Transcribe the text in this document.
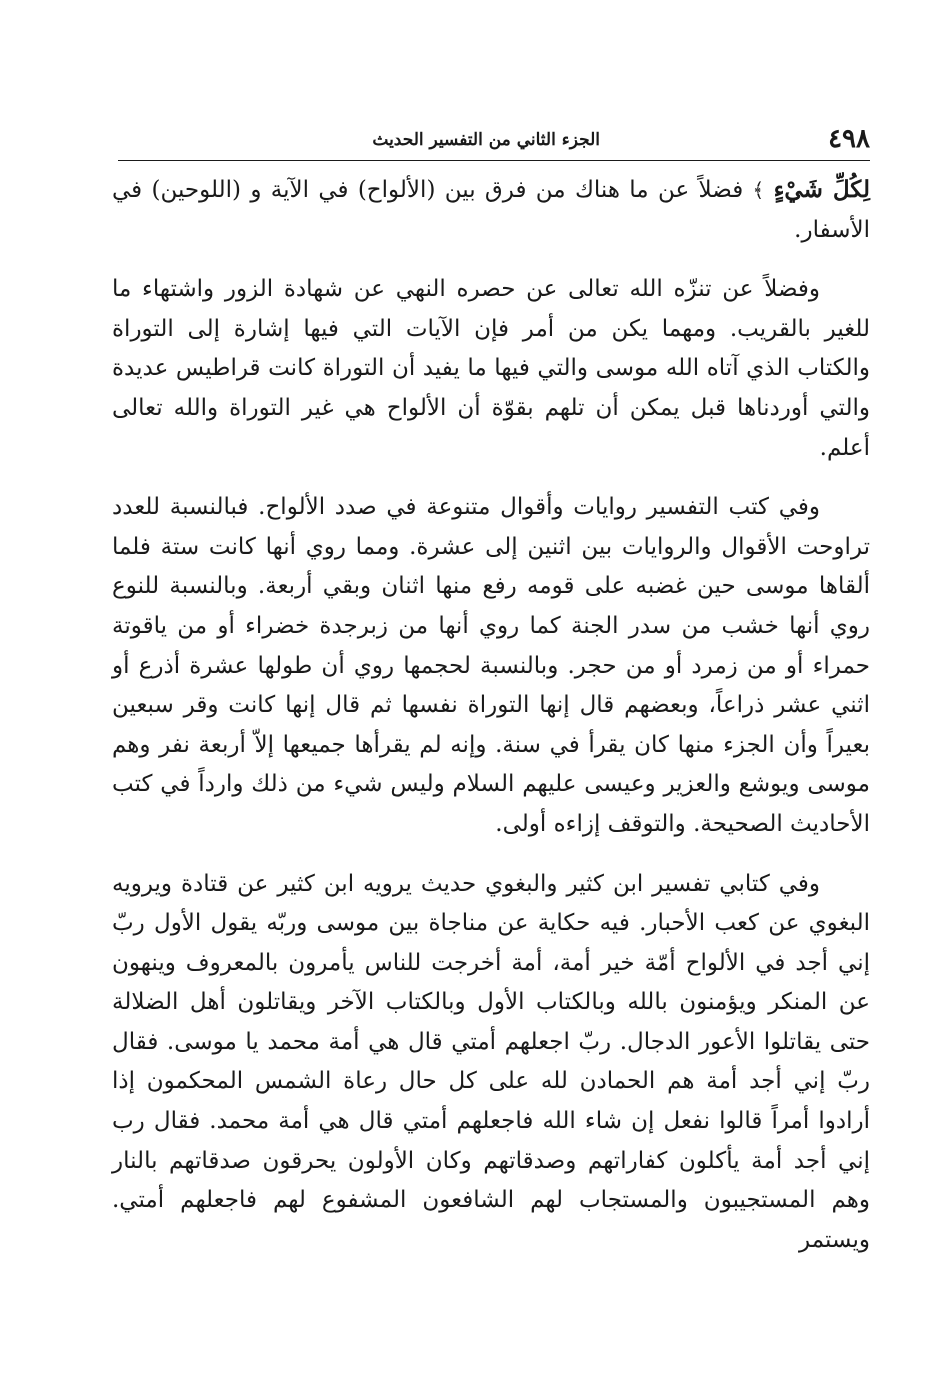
٤٩٨
الجزء الثاني من التفسير الحديث

لِكُلِّ شَيْءٍ ﴾ فضلاً عن ما هناك من فرق بين (الألواح) في الآية و (اللوحين) في الأسفار.

وفضلاً عن تنزّه الله تعالى عن حصره النهي عن شهادة الزور واشتهاء ما للغير بالقريب. ومهما يكن من أمر فإن الآيات التي فيها إشارة إلى التوراة والكتاب الذي آتاه الله موسى والتي فيها ما يفيد أن التوراة كانت قراطيس عديدة والتي أوردناها قبل يمكن أن تلهم بقوّة أن الألواح هي غير التوراة والله تعالى أعلم.

وفي كتب التفسير روايات وأقوال متنوعة في صدد الألواح. فبالنسبة للعدد تراوحت الأقوال والروايات بين اثنين إلى عشرة. ومما روي أنها كانت ستة فلما ألقاها موسى حين غضبه على قومه رفع منها اثنان وبقي أربعة. وبالنسبة للنوع روي أنها خشب من سدر الجنة كما روي أنها من زبرجدة خضراء أو من ياقوتة حمراء أو من زمرد أو من حجر. وبالنسبة لحجمها روي أن طولها عشرة أذرع أو اثني عشر ذراعاً، وبعضهم قال إنها التوراة نفسها ثم قال إنها كانت وقر سبعين بعيراً وأن الجزء منها كان يقرأ في سنة. وإنه لم يقرأها جميعها إلاّ أربعة نفر وهم موسى ويوشع والعزير وعيسى عليهم السلام وليس شيء من ذلك وارداً في كتب الأحاديث الصحيحة. والتوقف إزاءه أولى.

وفي كتابي تفسير ابن كثير والبغوي حديث يرويه ابن كثير عن قتادة ويرويه البغوي عن كعب الأحبار. فيه حكاية عن مناجاة بين موسى وربّه يقول الأول ربّ إني أجد في الألواح أمّة خير أمة، أمة أخرجت للناس يأمرون بالمعروف وينهون عن المنكر ويؤمنون بالله وبالكتاب الأول وبالكتاب الآخر ويقاتلون أهل الضلالة حتى يقاتلوا الأعور الدجال. ربّ اجعلهم أمتي قال هي أمة محمد يا موسى. فقال ربّ إني أجد أمة هم الحمادن لله على كل حال رعاة الشمس المحكمون إذا أرادوا أمراً قالوا نفعل إن شاء الله فاجعلهم أمتي قال هي أمة محمد. فقال رب إني أجد أمة يأكلون كفاراتهم وصدقاتهم وكان الأولون يحرقون صدقاتهم بالنار وهم المستجيبون والمستجاب لهم الشافعون المشفوع لهم فاجعلهم أمتي. ويستمر
